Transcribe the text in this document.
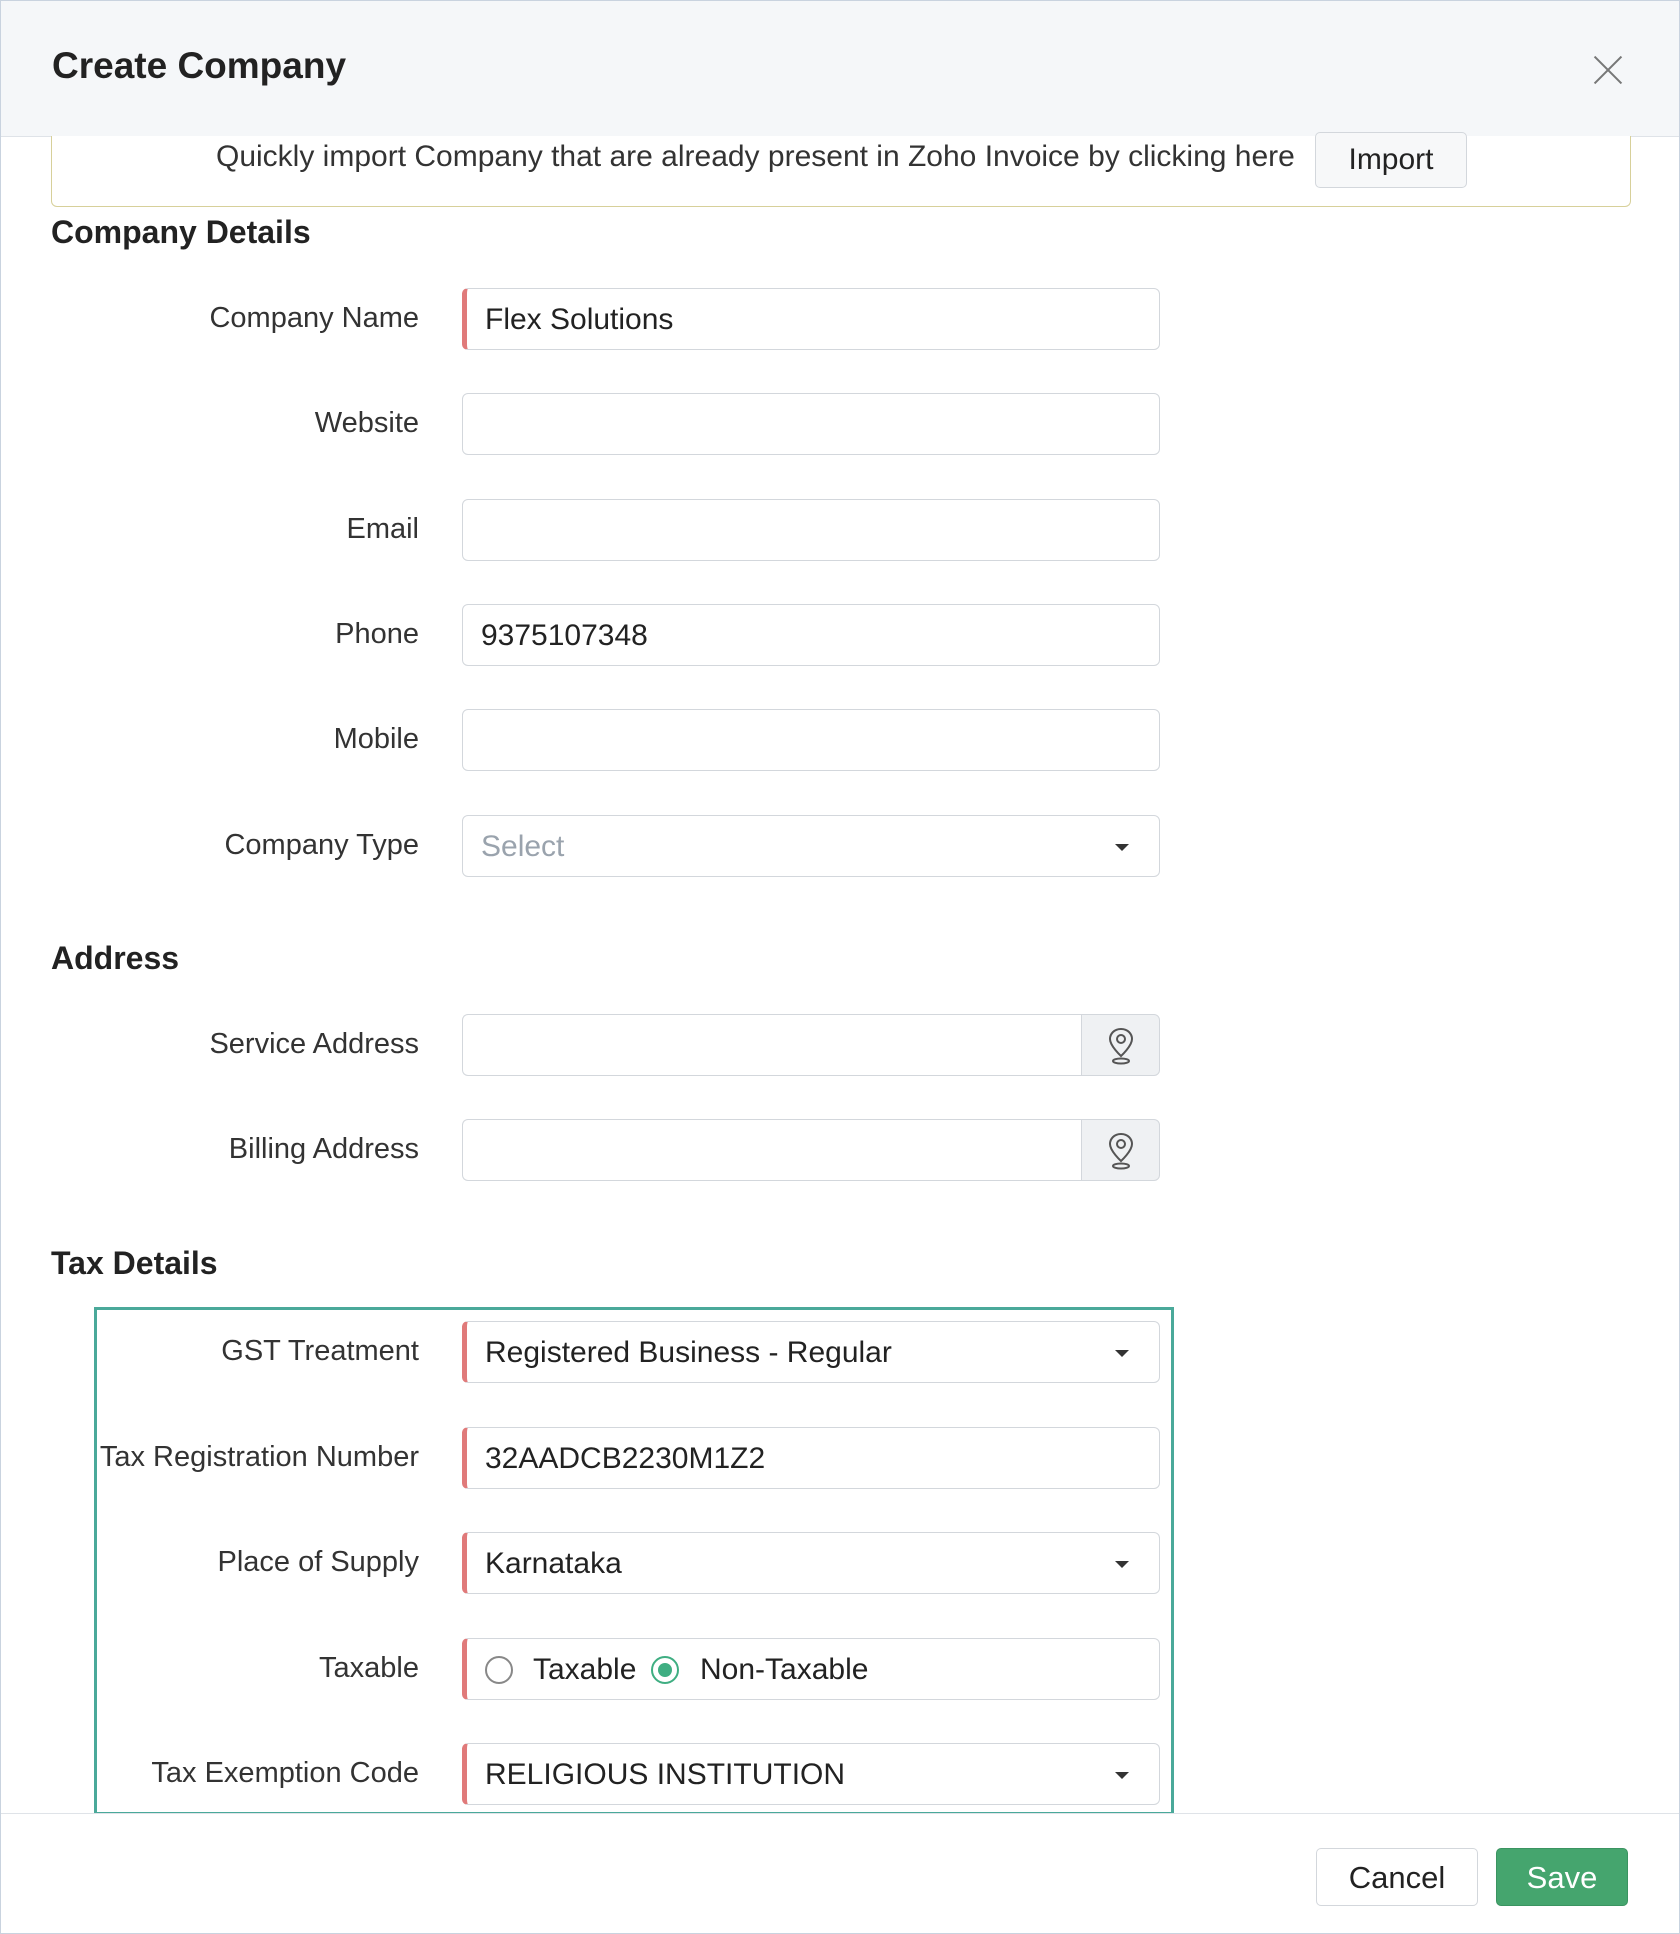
Create Company
Quickly import Company that are already present in Zoho Invoice by clicking here	Import
Company Details
Company Name Flex Solutions
Website
Email
Phone 9375107348
Mobile
Company Type Select
Address
Service Address
Billing Address
Tax Details
GST Treatment Registered Business - Regular
Tax Registration Number 32AADCB2230M1Z2
Place of Supply Karnataka
Taxable	Taxable Non-Taxable
Tax Exemption Code RELIGIOUS INSTITUTION
Cancel	Save
